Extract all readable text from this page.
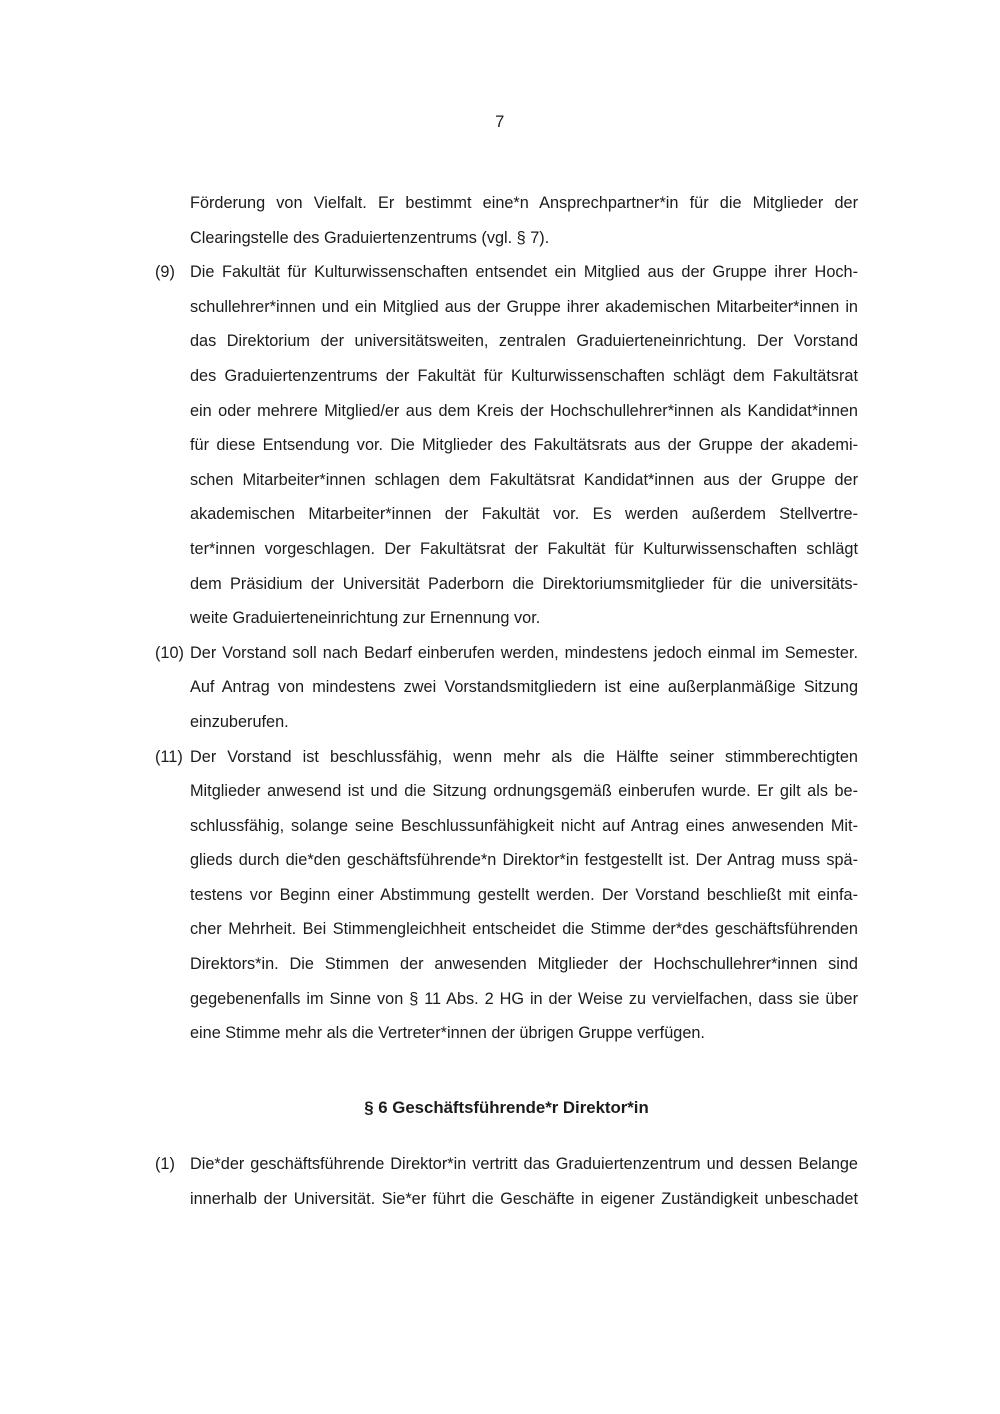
7
Förderung von Vielfalt. Er bestimmt eine*n Ansprechpartner*in für die Mitglieder der
Clearingstelle des Graduiertenzentrums (vgl. § 7).
(9) Die Fakultät für Kulturwissenschaften entsendet ein Mitglied aus der Gruppe ihrer Hoch-
schullehrer*innen und ein Mitglied aus der Gruppe ihrer akademischen Mitarbeiter*innen in
das Direktorium der universitätsweiten, zentralen Graduierteneinrichtung. Der Vorstand
des Graduiertenzentrums der Fakultät für Kulturwissenschaften schlägt dem Fakultätsrat
ein oder mehrere Mitglied/er aus dem Kreis der Hochschullehrer*innen als Kandidat*innen
für diese Entsendung vor. Die Mitglieder des Fakultätsrats aus der Gruppe der akademi-
schen Mitarbeiter*innen schlagen dem Fakultätsrat Kandidat*innen aus der Gruppe der
akademischen Mitarbeiter*innen der Fakultät vor. Es werden außerdem Stellvertre-
ter*innen vorgeschlagen. Der Fakultätsrat der Fakultät für Kulturwissenschaften schlägt
dem Präsidium der Universität Paderborn die Direktoriumsmitglieder für die universitäts-
weite Graduierteneinrichtung zur Ernennung vor.
(10) Der Vorstand soll nach Bedarf einberufen werden, mindestens jedoch einmal im Semester.
Auf Antrag von mindestens zwei Vorstandsmitgliedern ist eine außerplanmäßige Sitzung
einzuberufen.
(11) Der Vorstand ist beschlussfähig, wenn mehr als die Hälfte seiner stimmberechtigten
Mitglieder anwesend ist und die Sitzung ordnungsgemäß einberufen wurde. Er gilt als be-
schlussfähig, solange seine Beschlussunfähigkeit nicht auf Antrag eines anwesenden Mit-
glieds durch die*den geschäftsführende*n Direktor*in festgestellt ist. Der Antrag muss spä-
testens vor Beginn einer Abstimmung gestellt werden. Der Vorstand beschließt mit einfa-
cher Mehrheit. Bei Stimmengleichheit entscheidet die Stimme der*des geschäftsführenden
Direktors*in. Die Stimmen der anwesenden Mitglieder der Hochschullehrer*innen sind
gegebenenfalls im Sinne von § 11 Abs. 2 HG in der Weise zu vervielfachen, dass sie über
eine Stimme mehr als die Vertreter*innen der übrigen Gruppe verfügen.
§ 6 Geschäftsführende*r Direktor*in
(1) Die*der geschäftsführende Direktor*in vertritt das Graduiertenzentrum und dessen Belange
innerhalb der Universität. Sie*er führt die Geschäfte in eigener Zuständigkeit unbeschadet
